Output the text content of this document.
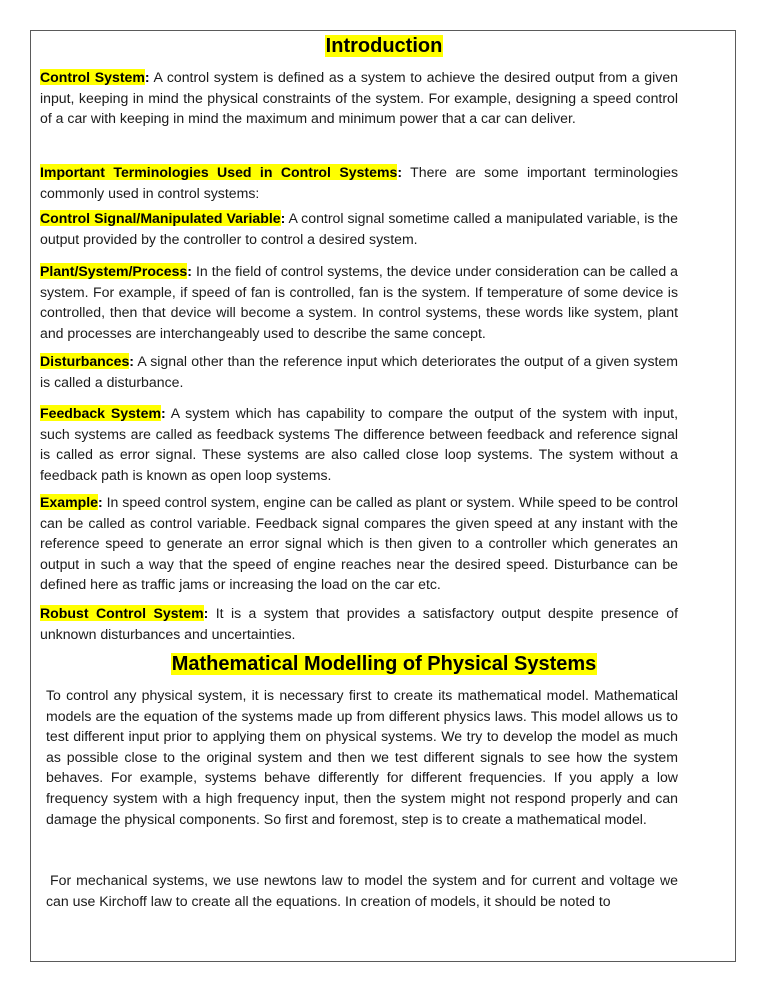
Introduction

Control System: A control system is defined as a system to achieve the desired output from a given input, keeping in mind the physical constraints of the system. For example, designing a speed control of a car with keeping in mind the maximum and minimum power that a car can deliver.

Important Terminologies Used in Control Systems: There are some important terminologies commonly used in control systems:

Control Signal/Manipulated Variable: A control signal sometime called a manipulated variable, is the output provided by the controller to control a desired system.

Plant/System/Process: In the field of control systems, the device under consideration can be called a system. For example, if speed of fan is controlled, fan is the system. If temperature of some device is controlled, then that device will become a system. In control systems, these words like system, plant and processes are interchangeably used to describe the same concept.

Disturbances: A signal other than the reference input which deteriorates the output of a given system is called a disturbance.

Feedback System: A system which has capability to compare the output of the system with input, such systems are called as feedback systems The difference between feedback and reference signal is called as error signal. These systems are also called close loop systems. The system without a feedback path is known as open loop systems.

Example: In speed control system, engine can be called as plant or system. While speed to be control can be called as control variable. Feedback signal compares the given speed at any instant with the reference speed to generate an error signal which is then given to a controller which generates an output in such a way that the speed of engine reaches near the desired speed. Disturbance can be defined here as traffic jams or increasing the load on the car etc.

Robust Control System: It is a system that provides a satisfactory output despite presence of unknown disturbances and uncertainties.

Mathematical Modelling of Physical Systems

To control any physical system, it is necessary first to create its mathematical model. Mathematical models are the equation of the systems made up from different physics laws. This model allows us to test different input prior to applying them on physical systems. We try to develop the model as much as possible close to the original system and then we test different signals to see how the system behaves. For example, systems behave differently for different frequencies. If you apply a low frequency system with a high frequency input, then the system might not respond properly and can damage the physical components. So first and foremost, step is to create a mathematical model.

For mechanical systems, we use newtons law to model the system and for current and voltage we can use Kirchoff law to create all the equations. In creation of models, it should be noted to
